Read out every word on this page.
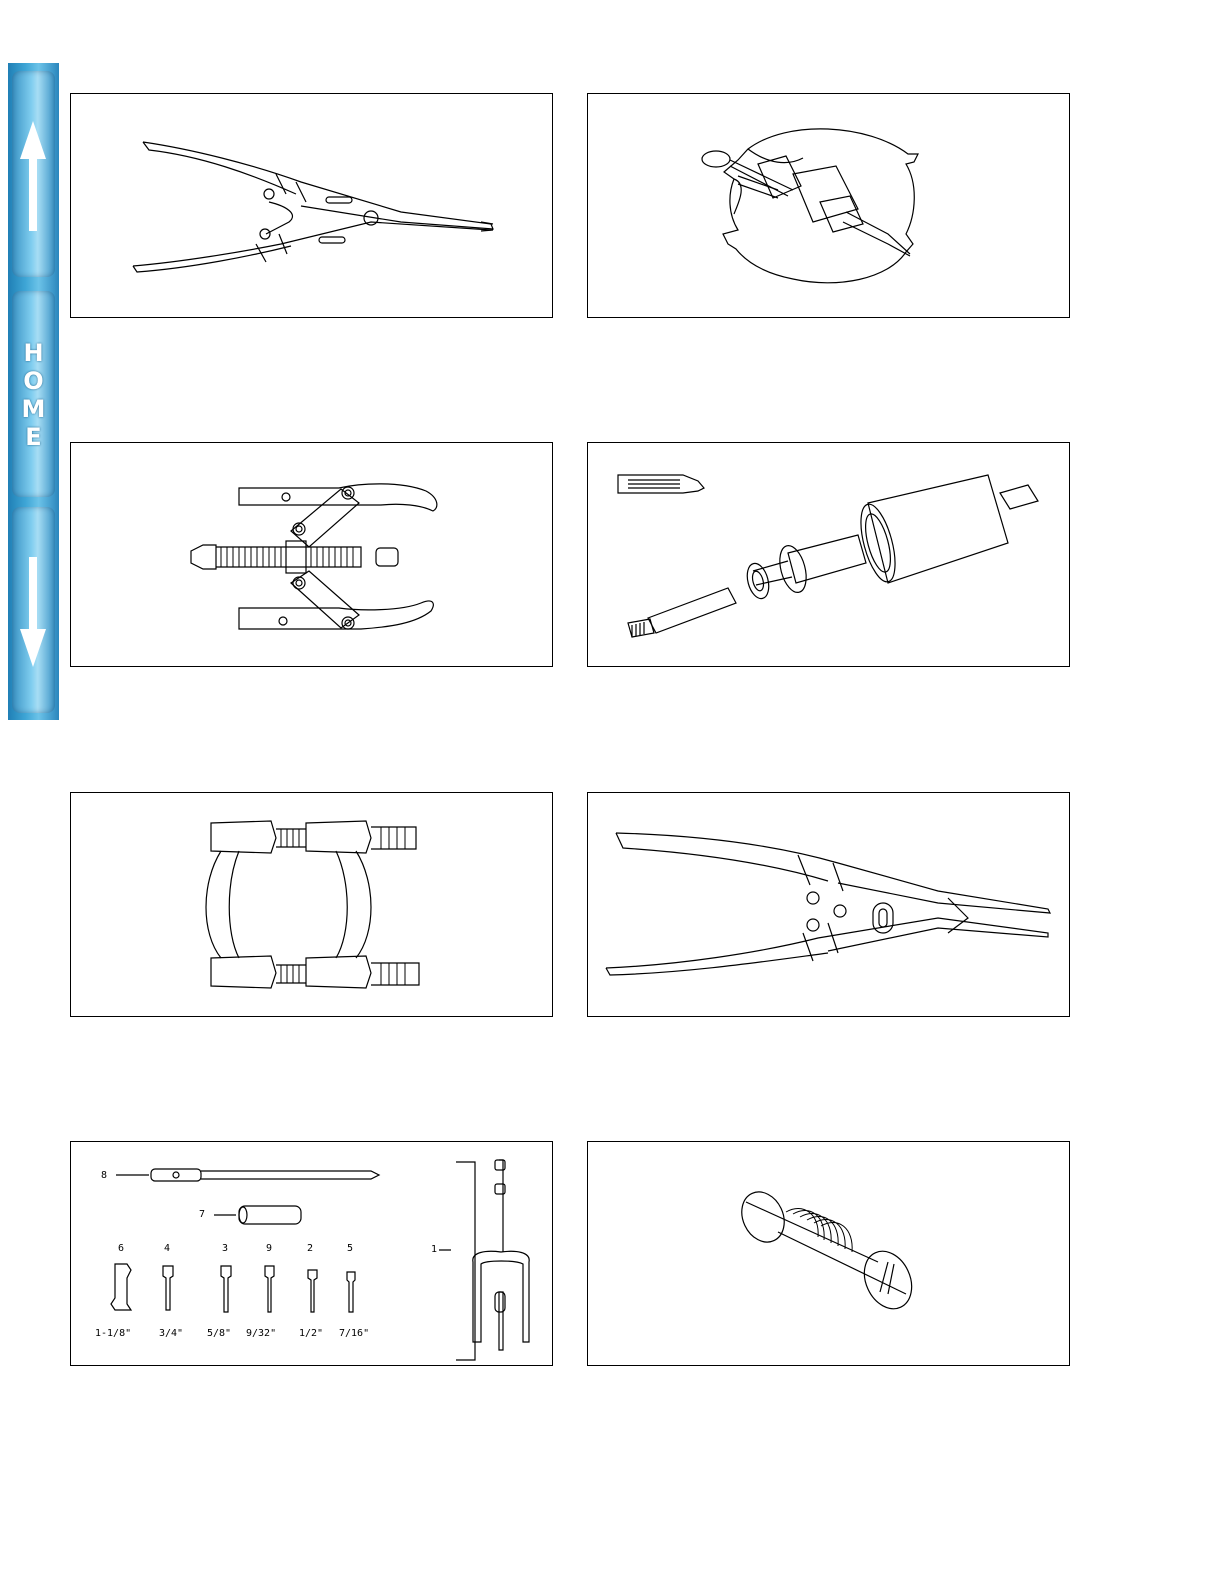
H
O
M
E
8
7
1
6	4	3	9	2	5
1-1/8"	3/4" 5/8" 9/32" 1/2" 7/16"
